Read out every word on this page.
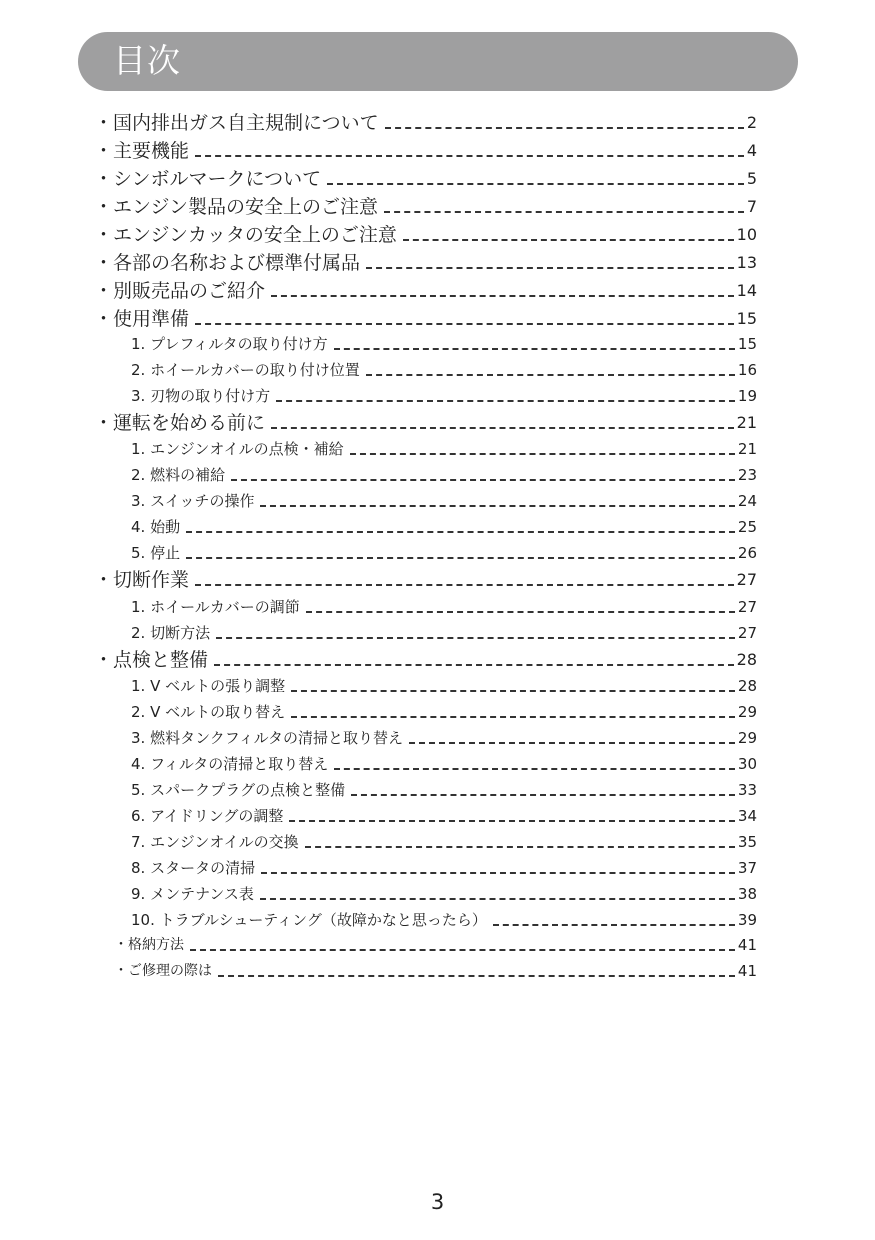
目次
・国内排出ガス自主規制について	2
・主要機能	4
・シンボルマークについて	5
・エンジン製品の安全上のご注意	7
・エンジンカッタの安全上のご注意	10
・各部の名称および標準付属品	13
・別販売品のご紹介	14
・使用準備	15
1. プレフィルタの取り付け方	15
2. ホイールカバーの取り付け位置	16
3. 刃物の取り付け方	19
・運転を始める前に	21
1. エンジンオイルの点検・補給	21
2. 燃料の補給	23
3. スイッチの操作	24
4. 始動	25
5. 停止	26
・切断作業	27
1. ホイールカバーの調節	27
2. 切断方法	27
・点検と整備	28
1. V ベルトの張り調整	28
2. V ベルトの取り替え	29
3. 燃料タンクフィルタの清掃と取り替え	29
4. フィルタの清掃と取り替え	30
5. スパークプラグの点検と整備	33
6. アイドリングの調整	34
7. エンジンオイルの交換	35
8. スタータの清掃	37
9. メンテナンス表	38
10. トラブルシューティング（故障かなと思ったら）	39
・格納方法	41
・ご修理の際は	41
3
